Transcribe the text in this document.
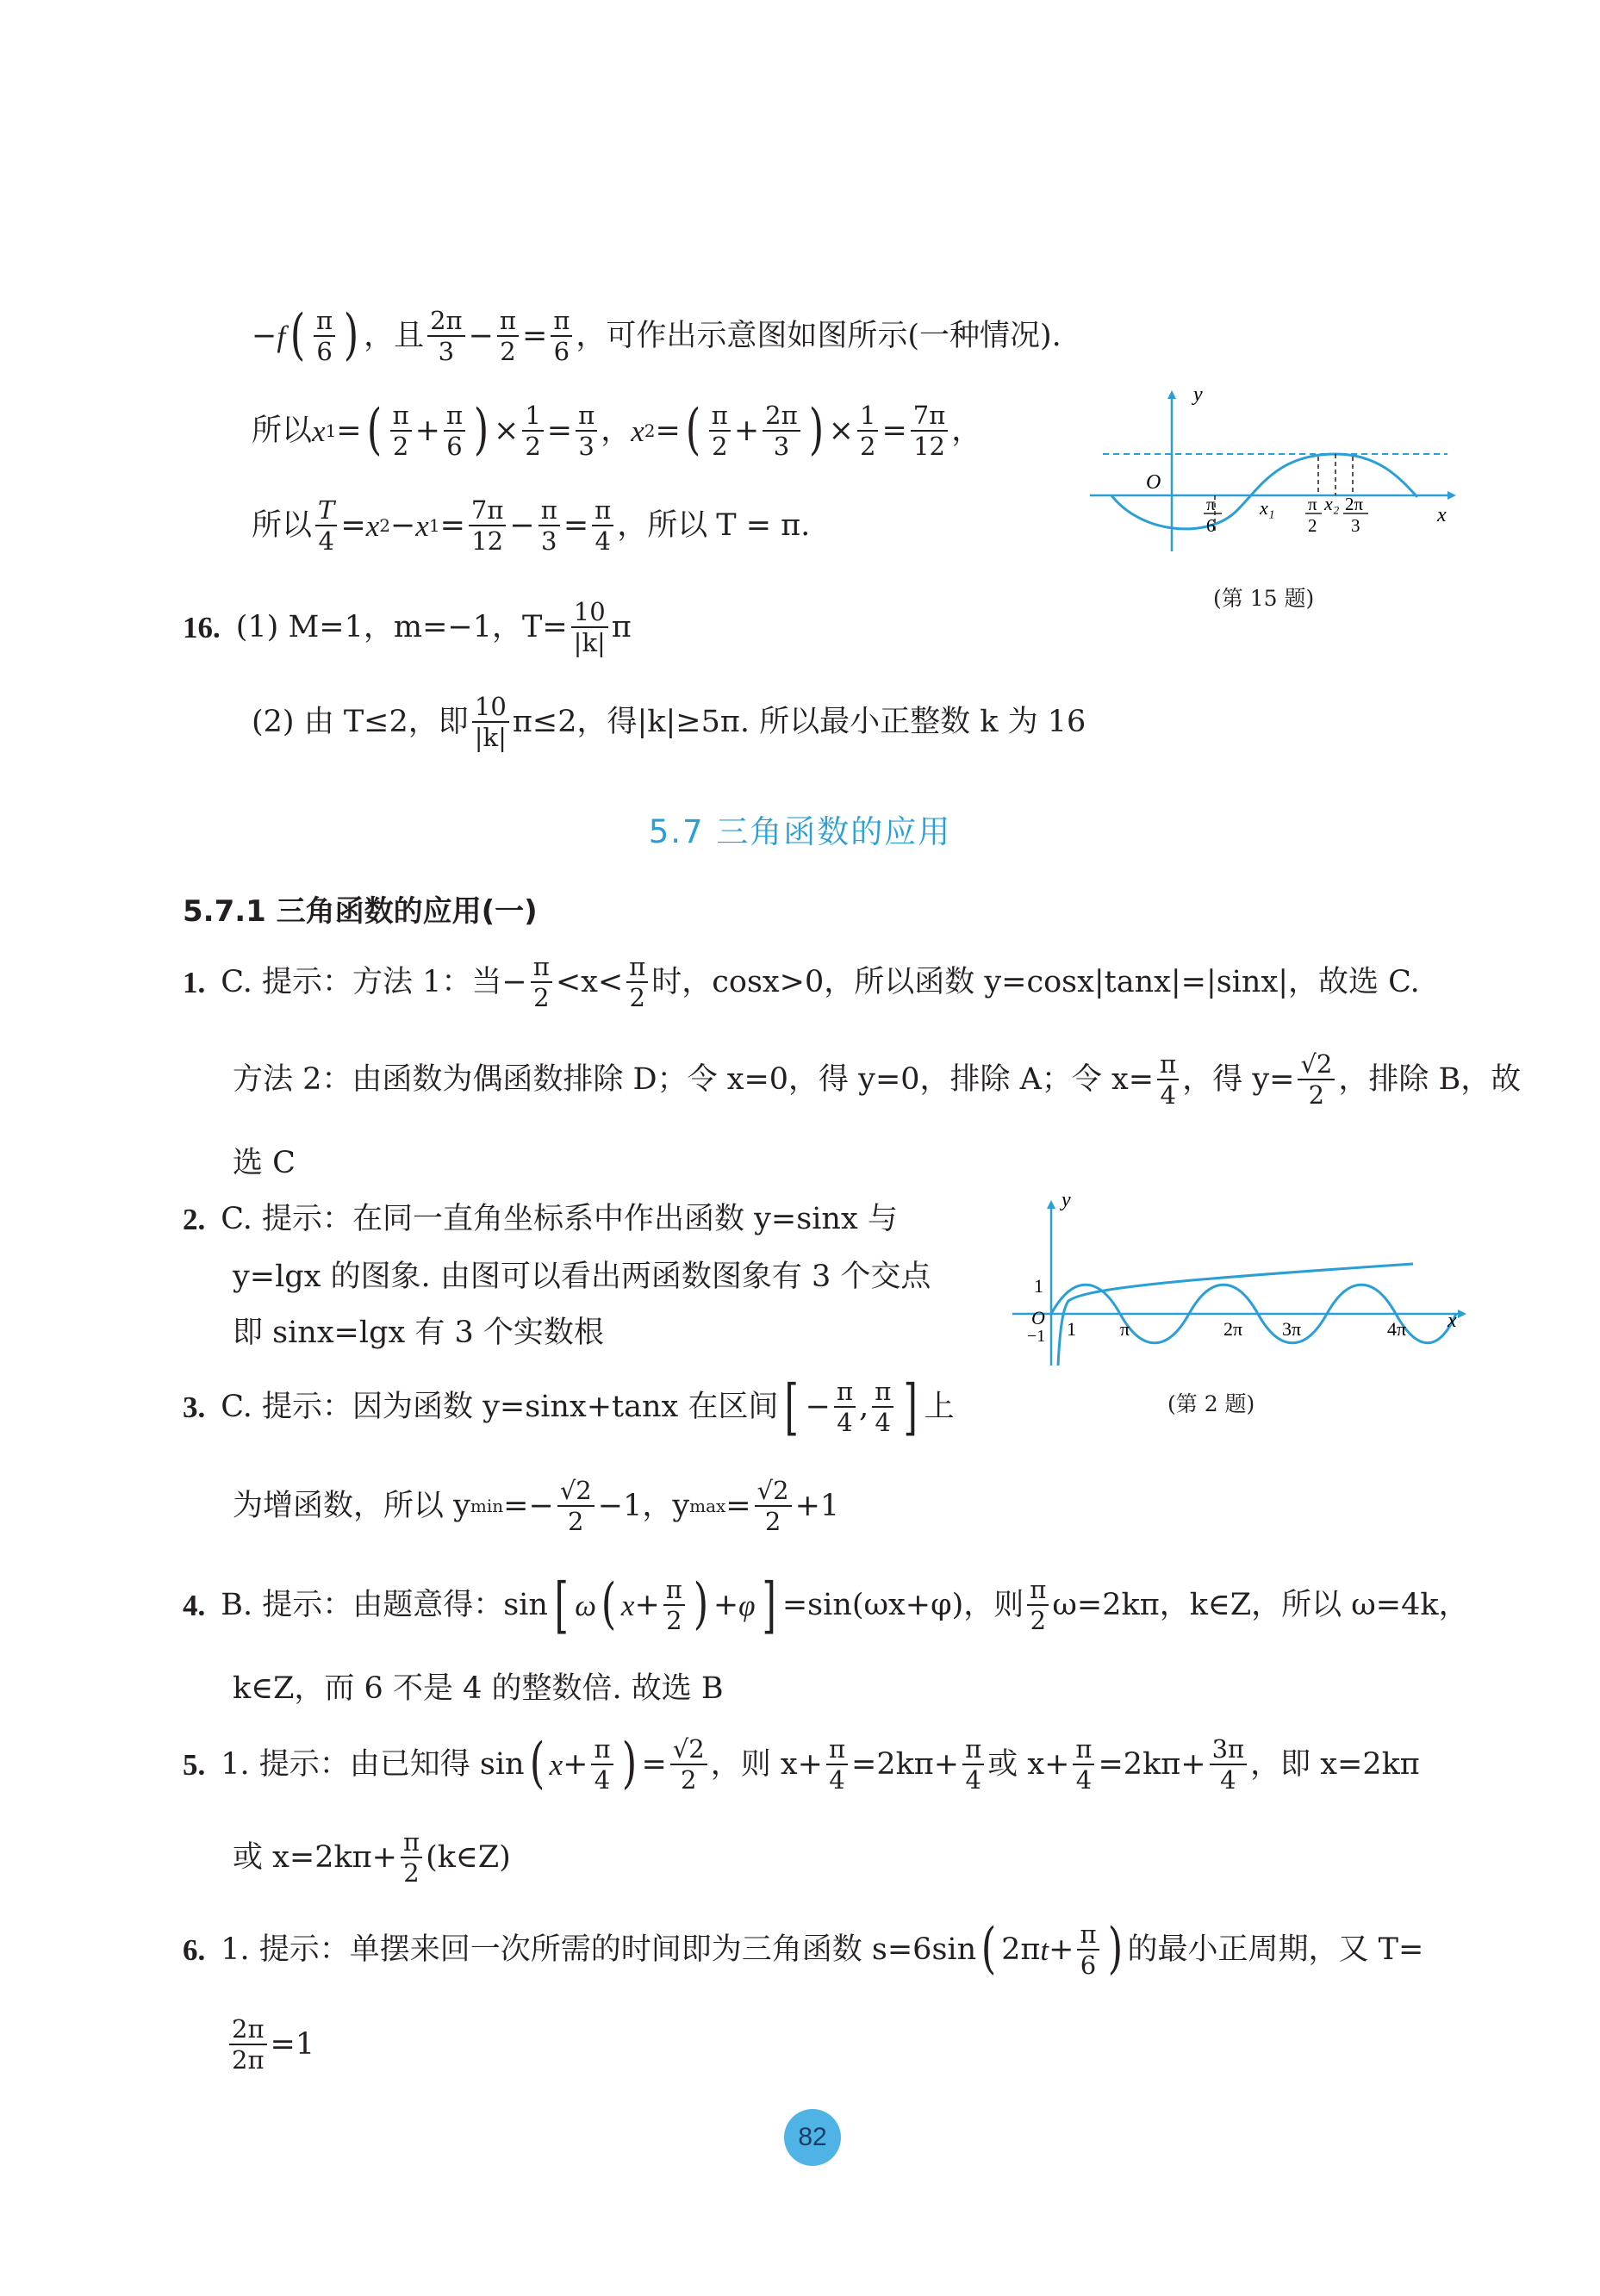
− f ( $\frac{\pi}{6}$ ) ，且 $\frac{2\pi}{3} - \frac{\pi}{2} = \frac{\pi}{6}$ ，可作出示意图如图所示(一种情况).
所以 x 1 = ( $\frac{\pi}{2} + \frac{\pi}{6}$ ) × $\frac{1}{2} = \frac{\pi}{3}$ ， x 2 = ( $\frac{\pi}{2} + \frac{2\pi}{3}$ ) × $\frac{1}{2} = \frac{7\pi}{12}$ ，
所以 $\frac{T}{4} = x$ 2 − x $1 = \frac{7\pi}{12} - \frac{\pi}{3} = \frac{\pi}{4}$ ，所以 T = π.
y
O
x
π
6
x₁ π
2
x₂ 2π
3
(第 15 题)
16. (1) M=1，m=−1，$T= \frac{10}{|k|}$ π
(2) 由 T≤2，即 $\frac{10}{|k|} \pi\le 2$，得|k|≥5π. 所以最小正整数 k 为 16
5.7 三角函数的应用
5.7.1 三角函数的应用(一)
1. C. 提示：方法 1：当− $\frac{\pi}{2} <x< \frac{\pi}{2}$ 时，cosx>0，所以函数 y=cosx|tanx|=|sinx|，故选 C.
方法 2：由函数为偶函数排除 D；令 x=0，得 y=0，排除 A；令 $x= \frac{\pi}{4}$ ，得 $y= \frac{√2}{2}$ ，排除 B，故
选 C
2. C. 提示：在同一直角坐标系中作出函数 y=sinx 与
y=lgx 的图象. 由图可以看出两函数图象有 3 个交点
即 sinx=lgx 有 3 个实数根
y
1
O
−1 1 π	2π 3π	4π x
(第 2 题)
3. C. 提示：因为函数 y=sinx+tanx 在区间 [ − $\frac{\pi}{4}$ , $\frac{\pi}{4}$ ] 上
为增函数，所以 y $\min =- \frac{√2}{2} -1$，y $\max = \frac{√2}{2} +1$
4. B. 提示：由题意得：sin [ ω ( $x + \frac{\pi}{2}$ ) + φ ] =sin(ωx+φ)，则 $\frac{\pi}{2} \omega=2k\pi$，k∈Z，所以 ω=4k，
k∈Z，而 6 不是 4 的整数倍. 故选 B
5. 1. 提示：由已知得 sin ( $x + \frac{\pi}{4}$ ) = $\frac{√2}{2}$ ，则 $x+ \frac{\pi}{4} =2k\pi+ \frac{\pi}{4}$ 或 $x+ \frac{\pi}{4} =2k\pi+ \frac{3\pi}{4}$ ，即 x=2kπ
或 $x=2k\pi+ \frac{\pi}{2}$ (k∈Z)
6. 1. 提示：单摆来回一次所需的时间即为三角函数 s=6sin ( 2π $t + \frac{\pi}{6}$ ) 的最小正周期，又 T=
$\frac{2\pi}{2\pi} =1$
82
